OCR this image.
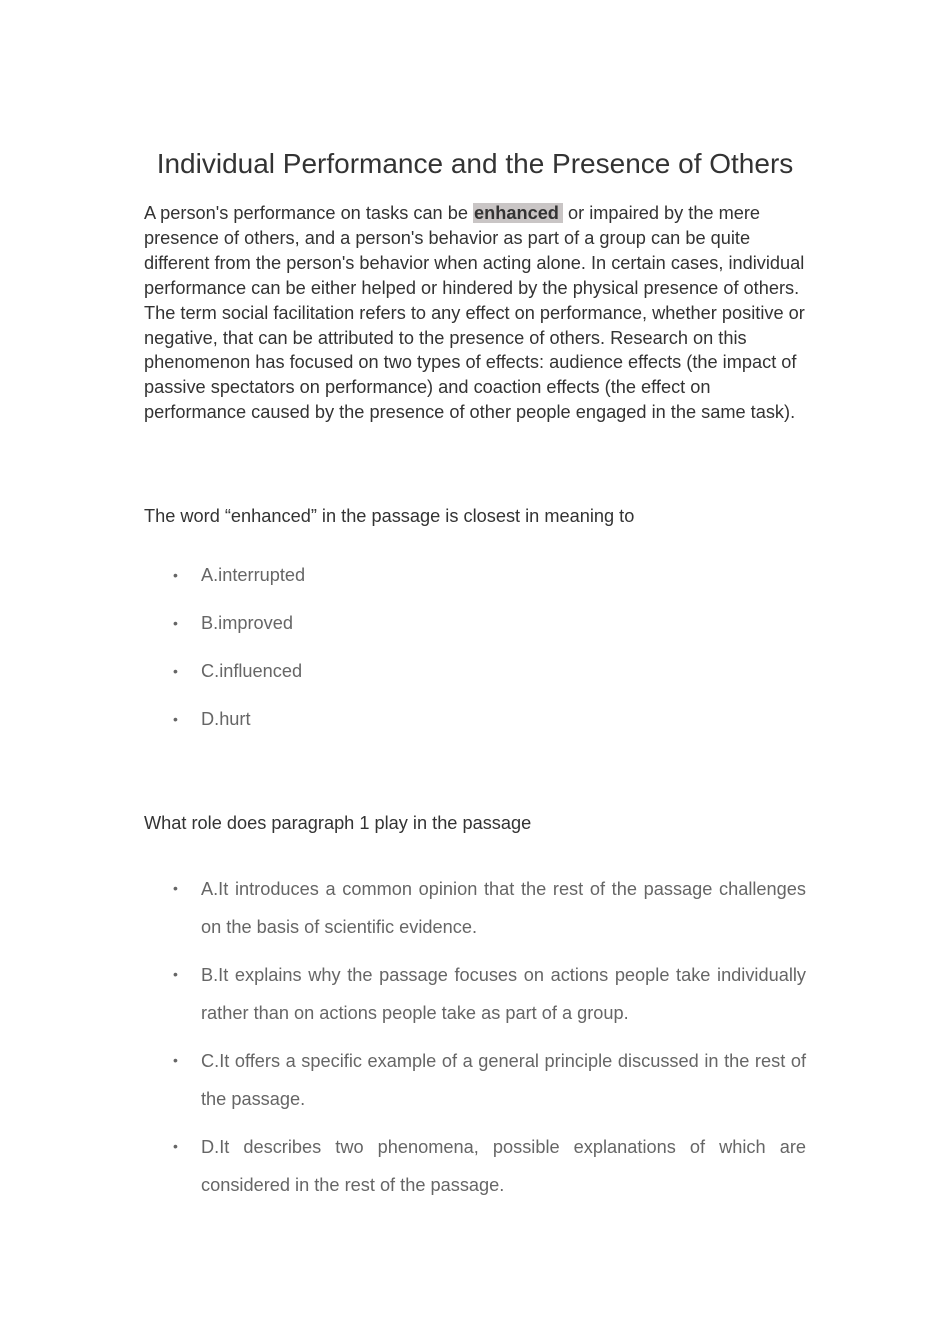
Individual Performance and the Presence of Others

A person's performance on tasks can be enhanced or impaired by the mere presence of others, and a person's behavior as part of a group can be quite different from the person's behavior when acting alone. In certain cases, individual performance can be either helped or hindered by the physical presence of others. The term social facilitation refers to any effect on performance, whether positive or negative, that can be attributed to the presence of others. Research on this phenomenon has focused on two types of effects: audience effects (the impact of passive spectators on performance) and coaction effects (the effect on performance caused by the presence of other people engaged in the same task).

The word “enhanced” in the passage is closest in meaning to

• A.interrupted
• B.improved
• C.influenced
• D.hurt

What role does paragraph 1 play in the passage

• A.It introduces a common opinion that the rest of the passage challenges on the basis of scientific evidence.
• B.It explains why the passage focuses on actions people take individually rather than on actions people take as part of a group.
• C.It offers a specific example of a general principle discussed in the rest of the passage.
• D.It describes two phenomena, possible explanations of which are considered in the rest of the passage.
